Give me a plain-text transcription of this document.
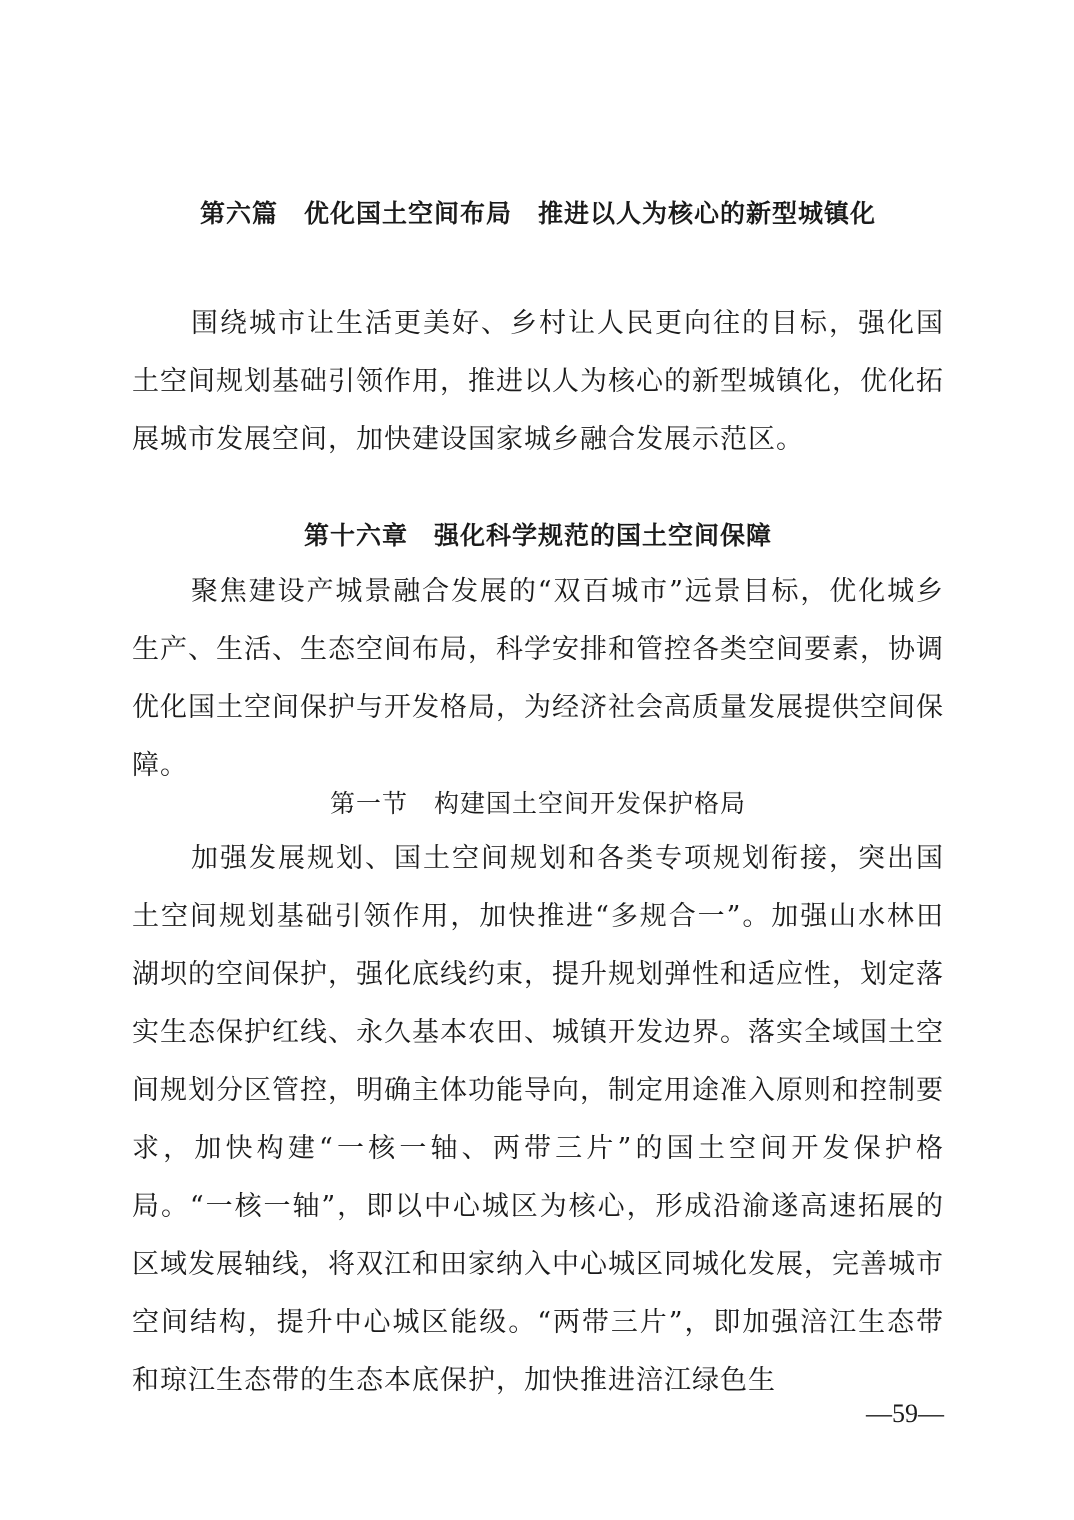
第六篇　优化国土空间布局　推进以人为核心的新型城镇化

围绕城市让生活更美好、乡村让人民更向往的目标，强化国土空间规划基础引领作用，推进以人为核心的新型城镇化，优化拓展城市发展空间，加快建设国家城乡融合发展示范区。

第十六章　强化科学规范的国土空间保障

聚焦建设产城景融合发展的“双百城市”远景目标，优化城乡生产、生活、生态空间布局，科学安排和管控各类空间要素，协调优化国土空间保护与开发格局，为经济社会高质量发展提供空间保障。

第一节　构建国土空间开发保护格局

加强发展规划、国土空间规划和各类专项规划衔接，突出国土空间规划基础引领作用，加快推进“多规合一”。加强山水林田湖坝的空间保护，强化底线约束，提升规划弹性和适应性，划定落实生态保护红线、永久基本农田、城镇开发边界。落实全域国土空间规划分区管控，明确主体功能导向，制定用途准入原则和控制要求，加快构建“一核一轴、两带三片”的国土空间开发保护格局。“一核一轴”，即以中心城区为核心，形成沿渝遂高速拓展的区域发展轴线，将双江和田家纳入中心城区同城化发展，完善城市空间结构，提升中心城区能级。“两带三片”，即加强涪江生态带和琼江生态带的生态本底保护，加快推进涪江绿色生

—59—
